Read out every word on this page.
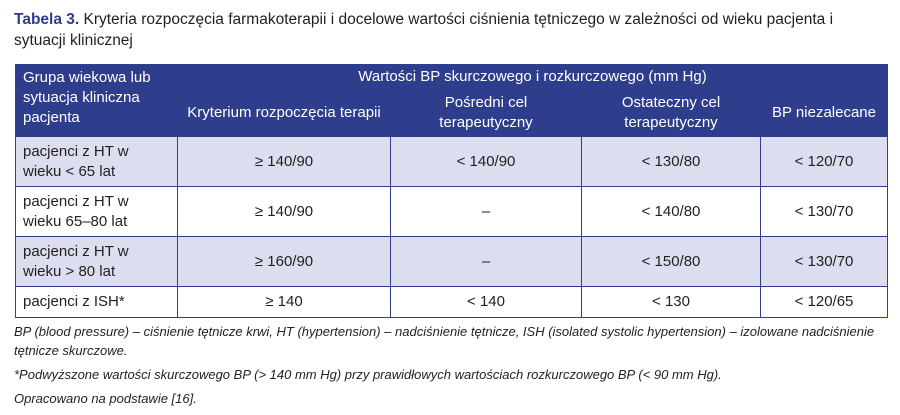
Tabela 3. Kryteria rozpoczęcia farmakoterapii i docelowe wartości ciśnienia tętniczego w zależności od wieku pacjenta i sytuacji klinicznej
Grupa wiekowa lub sytuacja kliniczna pacjenta	Wartości BP skurczowego i rozkurczowego (mm Hg)			
	Kryterium rozpoczęcia terapii	Pośredni cel terapeutyczny	Ostateczny cel terapeutyczny	BP niezalecane
pacjenci z HT w wieku < 65 lat	≥ 140/90	< 140/90	< 130/80	< 120/70
pacjenci z HT w wieku 65–80 lat	≥ 140/90	–	< 140/80	< 130/70
pacjenci z HT w wieku > 80 lat	≥ 160/90	–	< 150/80	< 130/70
pacjenci z ISH*	≥ 140	< 140	< 130	< 120/65

BP (blood pressure) – ciśnienie tętnicze krwi, HT (hypertension) – nadciśnienie tętnicze, ISH (isolated systolic hypertension) – izolowane nadciśnienie tętnicze skurczowe.

*Podwyższone wartości skurczowego BP (> 140 mm Hg) przy prawidłowych wartościach rozkurczowego BP (< 90 mm Hg).

Opracowano na podstawie [16].
